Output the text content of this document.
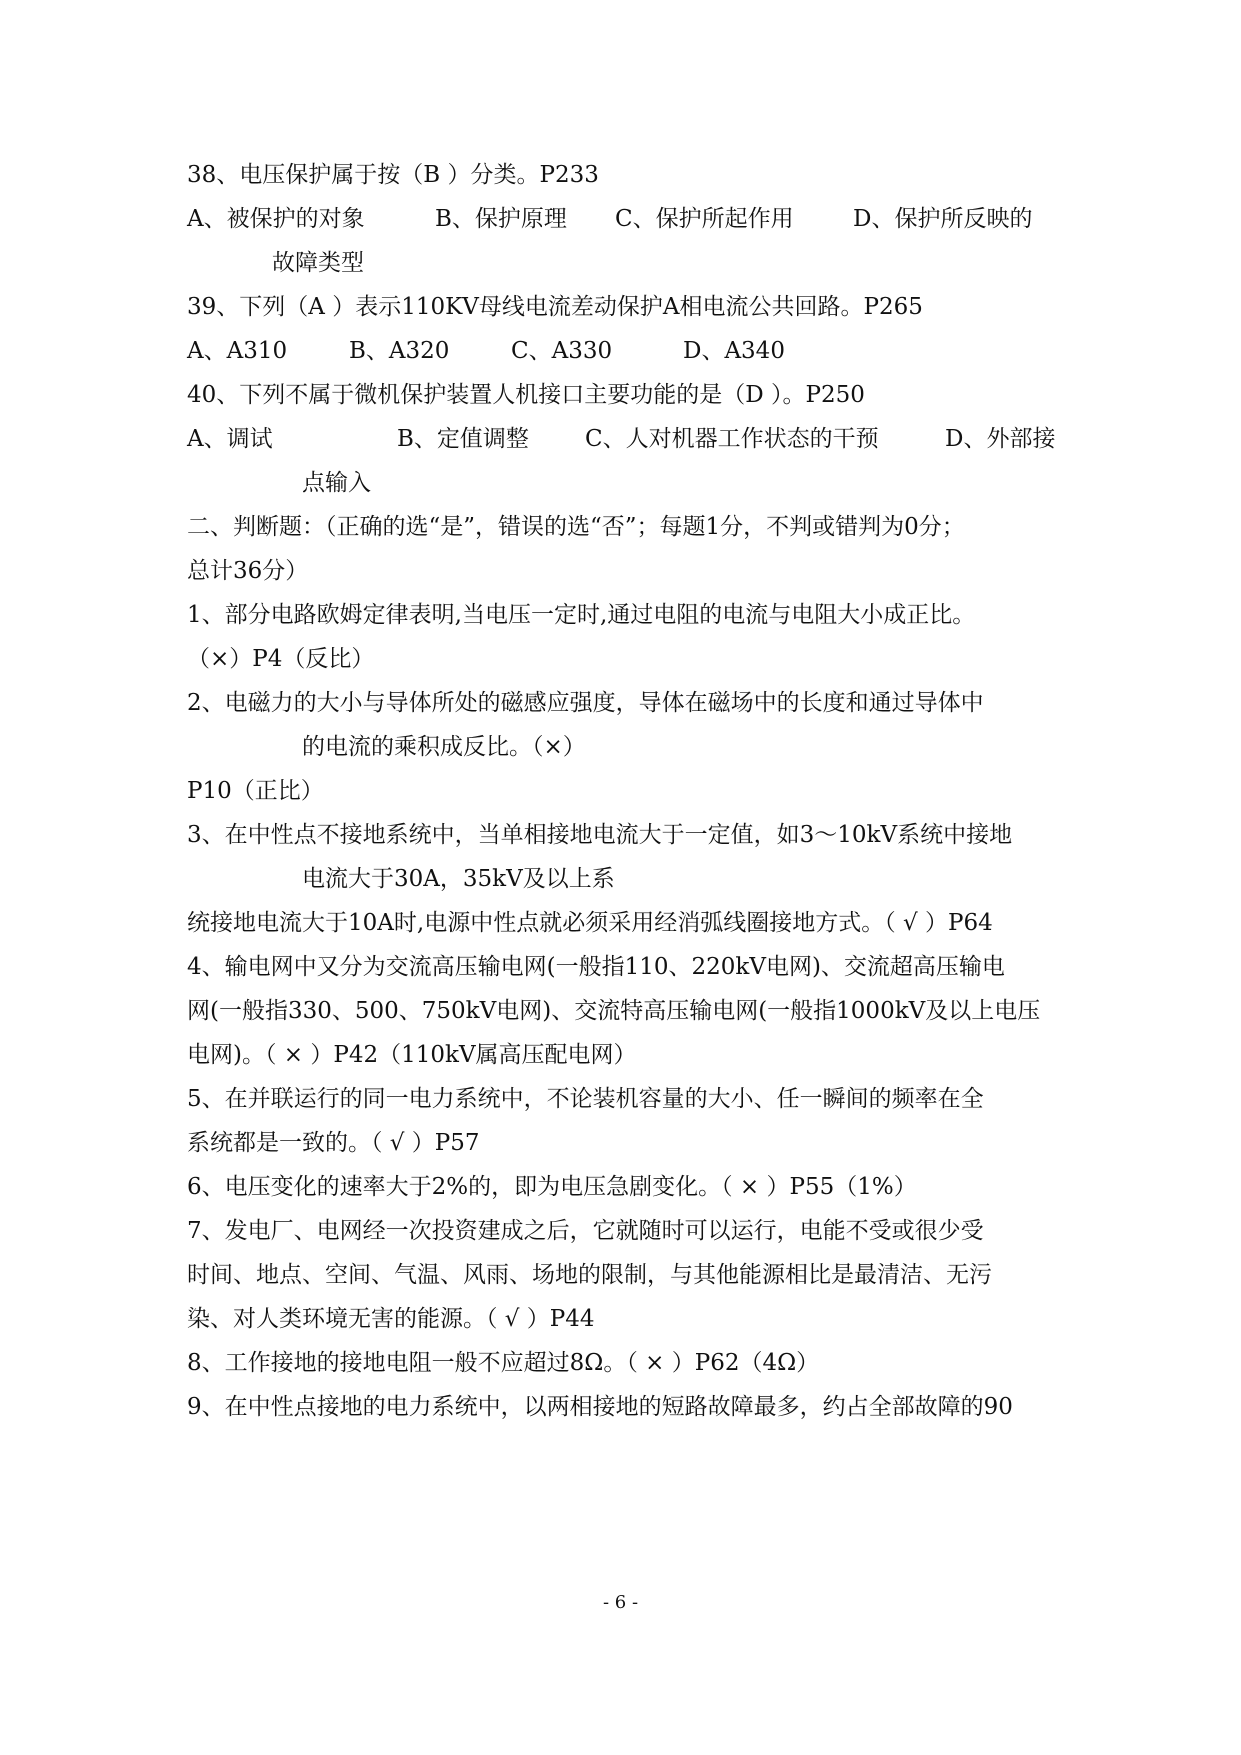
38、电压保护属于按（B ）分类。P233
A、被保护的对象	B、保护原理 C、保护所起作用	D、保护所反映的
故障类型
39、下列（A ）表示110KV母线电流差动保护A相电流公共回路。P265
A、A310	B、A320	C、A330	D、A340
40、下列不属于微机保护装置人机接口主要功能的是（D ）。P250
A、调试	B、定值调整 C、人对机器工作状态的干预	D、外部接
点输入
二、判断题：（正确的选“是”，错误的选“否”；每题1分，不判或错判为0分；
总计36分）
1、部分电路欧姆定律表明,当电压一定时,通过电阻的电流与电阻大小成正比。
（×）P4（反比）
2、电磁力的大小与导体所处的磁感应强度，导体在磁场中的长度和通过导体中
的电流的乘积成反比。（×）
P10（正比）
3、在中性点不接地系统中，当单相接地电流大于一定值，如3～10kV系统中接地
电流大于30A，35kV及以上系
统接地电流大于10A时,电源中性点就必须采用经消弧线圈接地方式。（ √ ）P64
4、输电网中又分为交流高压输电网(一般指110、220kV电网)、交流超高压输电
网(一般指330、500、750kV电网)、交流特高压输电网(一般指1000kV及以上电压
电网)。（ × ）P42（110kV属高压配电网）
5、在并联运行的同一电力系统中，不论装机容量的大小、任一瞬间的频率在全
系统都是一致的。（ √ ）P57
6、电压变化的速率大于2%的，即为电压急剧变化。（ × ）P55（1%）
7、发电厂、电网经一次投资建成之后，它就随时可以运行，电能不受或很少受
时间、地点、空间、气温、风雨、场地的限制，与其他能源相比是最清洁、无污
染、对人类环境无害的能源。（ √ ）P44
8、工作接地的接地电阻一般不应超过8Ω。（ × ）P62（4Ω）
9、在中性点接地的电力系统中，以两相接地的短路故障最多，约占全部故障的90
- 6 -
